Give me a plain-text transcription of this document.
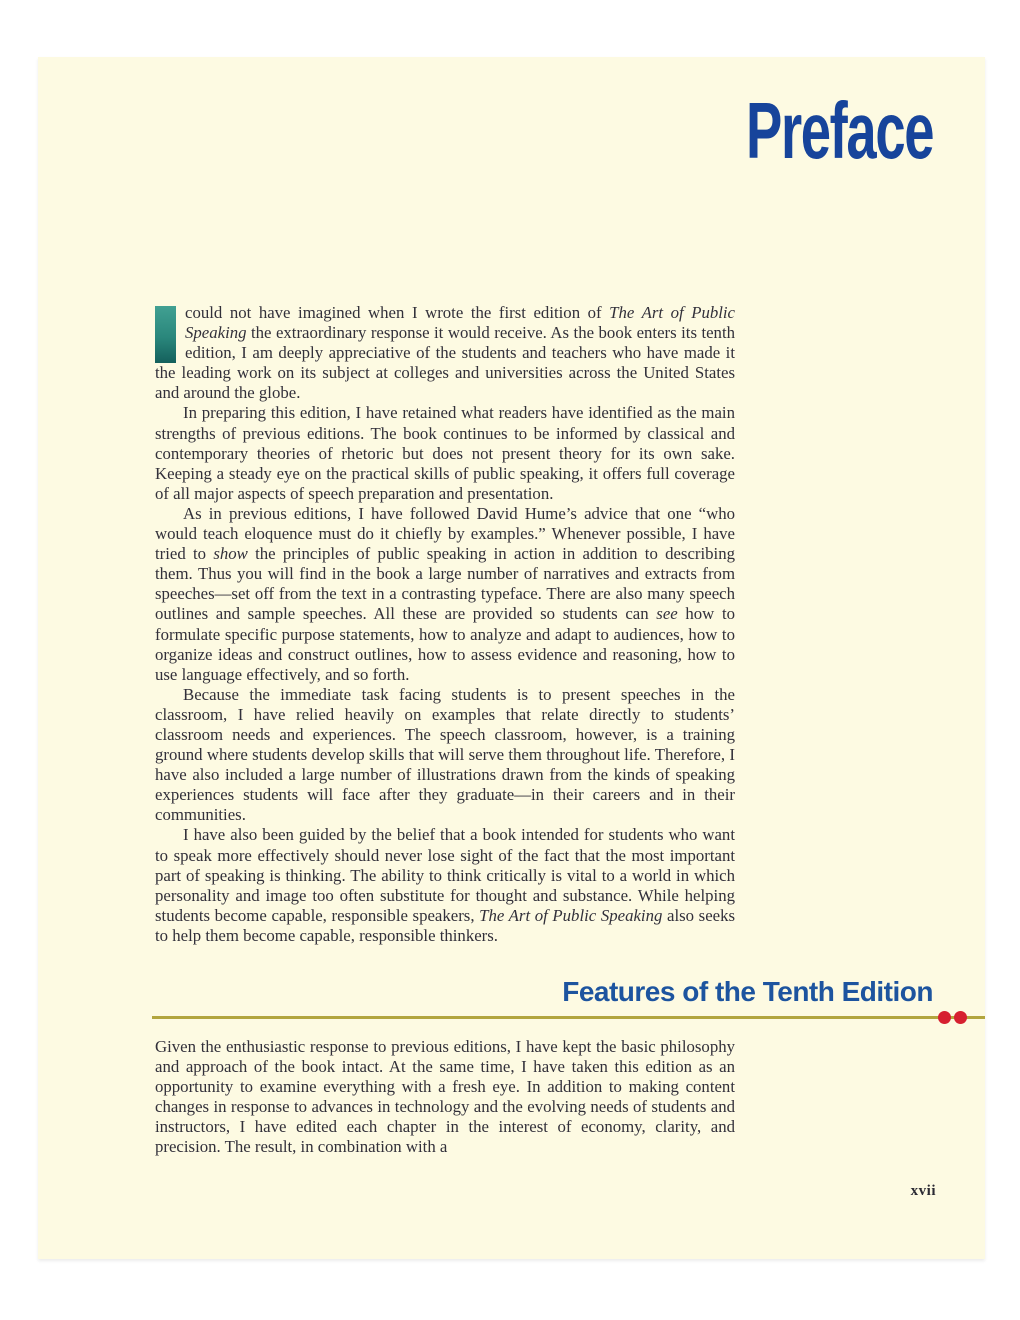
Preface

could not have imagined when I wrote the first edition of The Art of Public Speaking the extraordinary response it would receive. As the book enters its tenth edition, I am deeply appreciative of the students and teachers who have made it the leading work on its subject at colleges and universities across the United States and around the globe.

In preparing this edition, I have retained what readers have identified as the main strengths of previous editions. The book continues to be informed by classical and contemporary theories of rhetoric but does not present theory for its own sake. Keeping a steady eye on the practical skills of public speaking, it offers full coverage of all major aspects of speech preparation and presentation.

As in previous editions, I have followed David Hume’s advice that one “who would teach eloquence must do it chiefly by examples.” Whenever possible, I have tried to show the principles of public speaking in action in addition to describing them. Thus you will find in the book a large number of narratives and extracts from speeches—set off from the text in a contrasting typeface. There are also many speech outlines and sample speeches. All these are provided so students can see how to formulate specific purpose statements, how to analyze and adapt to audiences, how to organize ideas and construct outlines, how to assess evidence and reasoning, how to use language effectively, and so forth.

Because the immediate task facing students is to present speeches in the classroom, I have relied heavily on examples that relate directly to students’ classroom needs and experiences. The speech classroom, however, is a training ground where students develop skills that will serve them throughout life. Therefore, I have also included a large number of illustrations drawn from the kinds of speaking experiences students will face after they graduate—in their careers and in their communities.

I have also been guided by the belief that a book intended for students who want to speak more effectively should never lose sight of the fact that the most important part of speaking is thinking. The ability to think critically is vital to a world in which personality and image too often substitute for thought and substance. While helping students become capable, responsible speakers, The Art of Public Speaking also seeks to help them become capable, responsible thinkers.

Features of the Tenth Edition

Given the enthusiastic response to previous editions, I have kept the basic philosophy and approach of the book intact. At the same time, I have taken this edition as an opportunity to examine everything with a fresh eye. In addition to making content changes in response to advances in technology and the evolving needs of students and instructors, I have edited each chapter in the interest of economy, clarity, and precision. The result, in combination with a

xvii
